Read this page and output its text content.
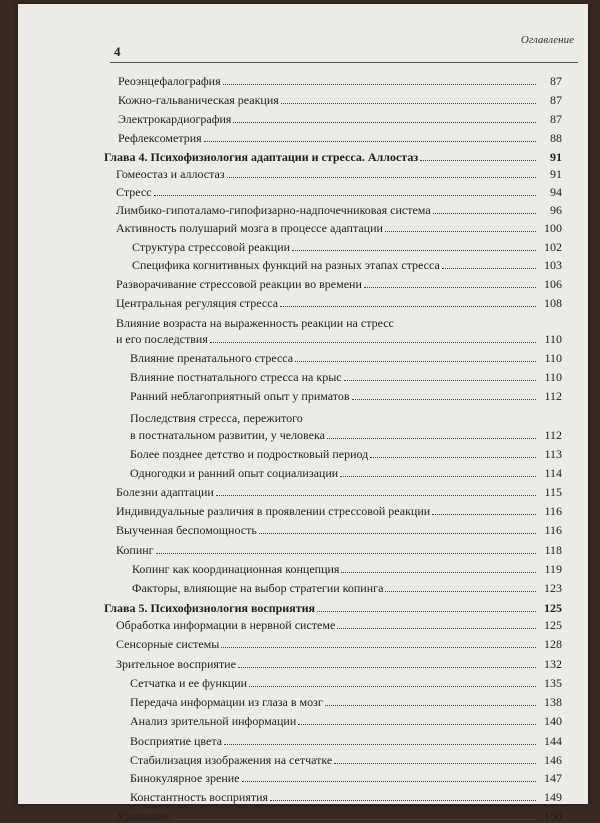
4
Оглавление
Реоэнцефалография	87
Кожно-гальваническая реакция	87
Электрокардиография	87
Рефлексометрия	88
Глава 4. Психофизиология адаптации и стресса. Аллостаз	91
Гомеостаз и аллостаз	91
Стресс	94
Лимбико-гипоталамо-гипофизарно-надпочечниковая система	96
Активность полушарий мозга в процессе адаптации	100
Структура стрессовой реакции	102
Специфика когнитивных функций на разных этапах стресса	103
Разворачивание стрессовой реакции во времени	106
Центральная регуляция стресса	108
Влияние возраста на выраженность реакции на стресс
и его последствия	110
Влияние пренатального стресса	110
Влияние постнатального стресса на крыс	110
Ранний неблагоприятный опыт у приматов	112
Последствия стресса, пережитого
в постнатальном развитии, у человека	112
Более позднее детство и подростковый период	113
Одногодки и ранний опыт социализации	114
Болезни адаптации	115
Индивидуальные различия в проявлении стрессовой реакции	116
Выученная беспомощность	116
Копинг	118
Копинг как координационная концепция	119
Факторы, влияющие на выбор стратегии копинга	123
Глава 5. Психофизиология восприятия	125
Обработка информации в нервной системе	125
Сенсорные системы	128
Зрительное восприятие	132
Сетчатка и ее функции	135
Передача информации из глаза в мозг	138
Анализ зрительной информации	140
Восприятие цвета	144
Стабилизация изображения на сетчатке	146
Бинокулярное зрение	147
Константность восприятия	149
Узнавание	150
